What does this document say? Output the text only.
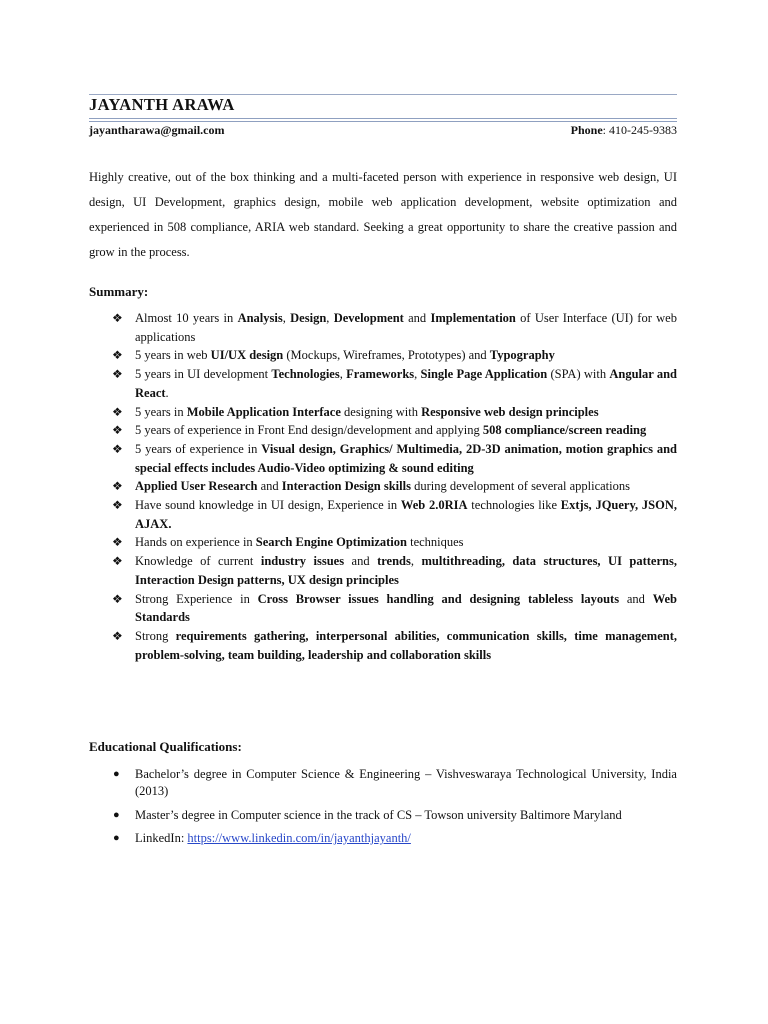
JAYANTH ARAWA
jayantharawa@gmail.com	Phone: 410-245-9383
Highly creative, out of the box thinking and a multi-faceted person with experience in responsive web design, UI design, UI Development, graphics design, mobile web application development, website optimization and experienced in 508 compliance, ARIA web standard. Seeking a great opportunity to share the creative passion and grow in the process.
Summary:
❖ Almost 10 years in Analysis, Design, Development and Implementation of User Interface (UI) for web applications
❖ 5 years in web UI/UX design (Mockups, Wireframes, Prototypes) and Typography
❖ 5 years in UI development Technologies, Frameworks, Single Page Application (SPA) with Angular and React.
❖ 5 years in Mobile Application Interface designing with Responsive web design principles
❖ 5 years of experience in Front End design/development and applying 508 compliance/screen reading
❖ 5 years of experience in Visual design, Graphics/ Multimedia, 2D-3D animation, motion graphics and special effects includes Audio-Video optimizing & sound editing
❖ Applied User Research and Interaction Design skills during development of several applications
❖ Have sound knowledge in UI design, Experience in Web 2.0RIA technologies like Extjs, JQuery, JSON, AJAX.
❖ Hands on experience in Search Engine Optimization techniques
❖ Knowledge of current industry issues and trends, multithreading, data structures, UI patterns, Interaction Design patterns, UX design principles
❖ Strong Experience in Cross Browser issues handling and designing tableless layouts and Web Standards
❖ Strong requirements gathering, interpersonal abilities, communication skills, time management, problem-solving, team building, leadership and collaboration skills
Educational Qualifications:
● Bachelor’s degree in Computer Science & Engineering – Vishveswaraya Technological University, India (2013)
● Master’s degree in Computer science in the track of CS – Towson university Baltimore Maryland
● LinkedIn: https://www.linkedin.com/in/jayanthjayanth/
